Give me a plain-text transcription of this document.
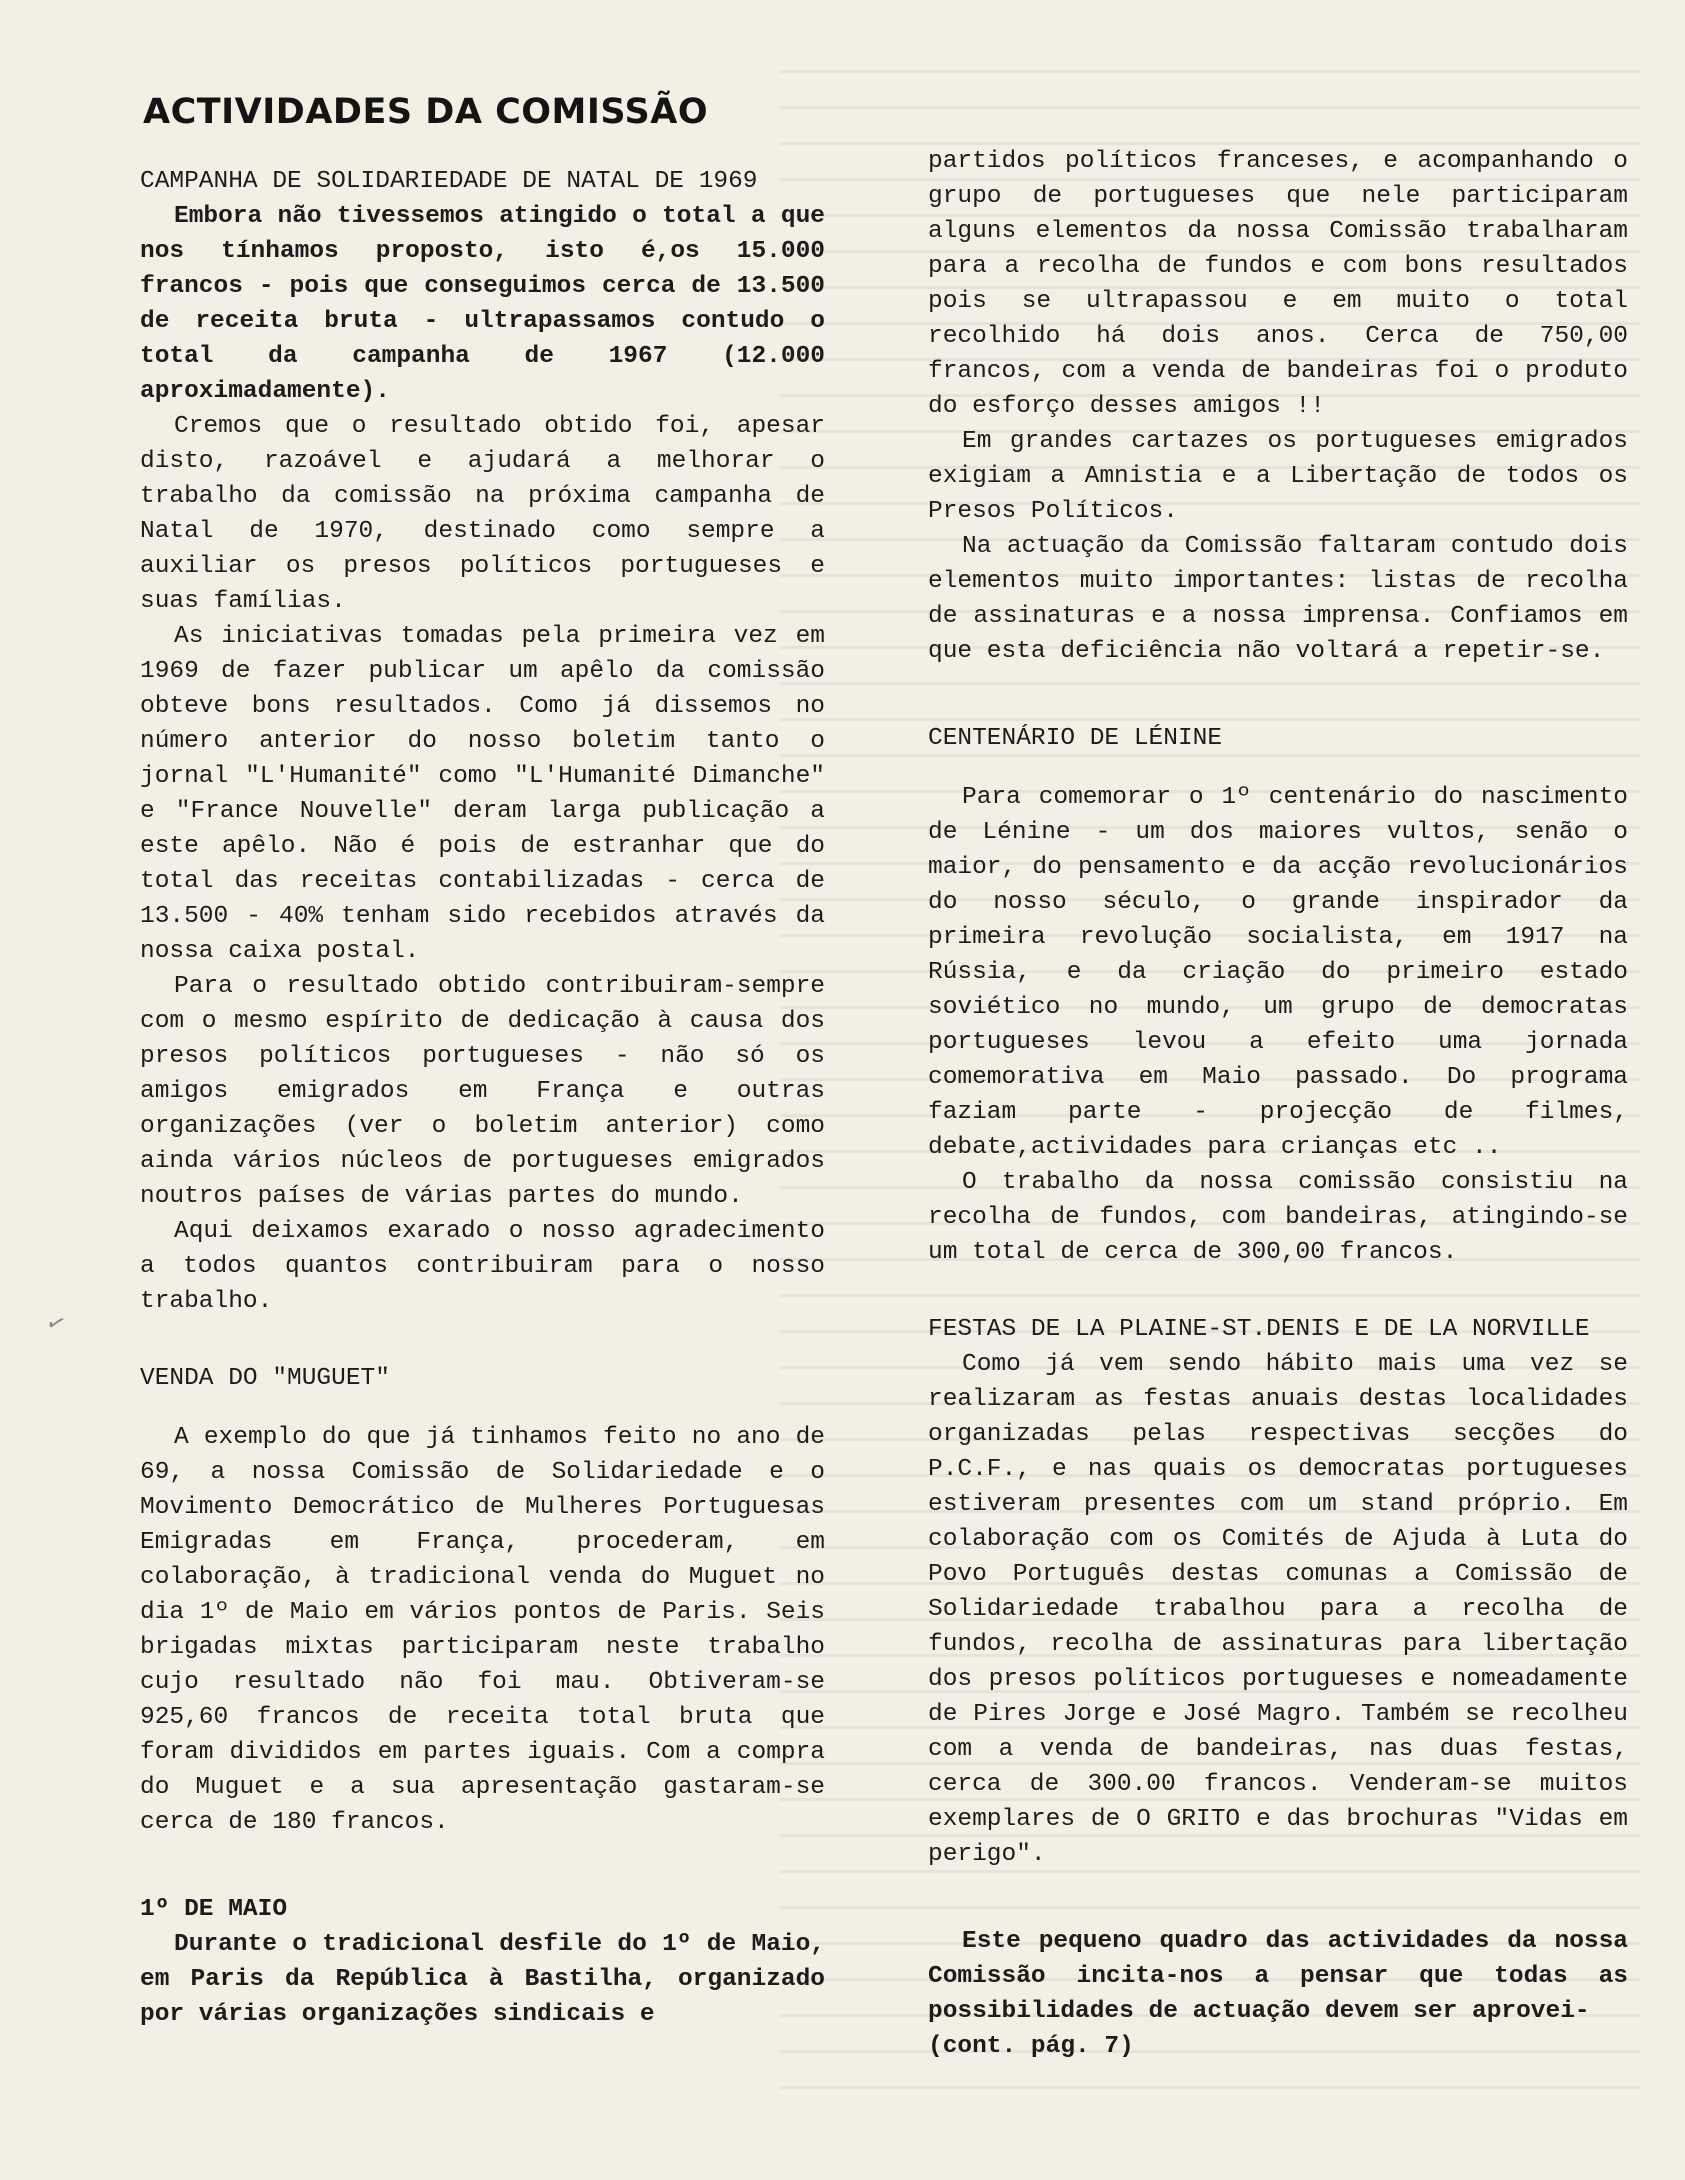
ACTIVIDADES DA COMISSÃO

CAMPANHA DE SOLIDARIEDADE DE NATAL DE 1969

Embora não tivessemos atingido o total a que nos tínhamos proposto, isto é,os 15.000 francos - pois que conseguimos cerca de 13.500 de receita bruta - ultrapassamos contudo o total da campanha de 1967 (12.000 aproximadamente).

Cremos que o resultado obtido foi, apesar disto, razoável e ajudará a melhorar o trabalho da comissão na próxima campanha de Natal de 1970, destinado como sempre a auxiliar os presos políticos portugueses e suas famílias.

As iniciativas tomadas pela primeira vez em 1969 de fazer publicar um apêlo da comissão obteve bons resultados. Como já dissemos no número anterior do nosso boletim tanto o jornal "L'Humanité" como "L'Humanité Dimanche" e "France Nouvelle" deram larga publicação a este apêlo. Não é pois de estranhar que do total das receitas contabilizadas - cerca de 13.500 - 40% tenham sido recebidos através da nossa caixa postal.

Para o resultado obtido contribuiram-sempre com o mesmo espírito de dedicação à causa dos presos políticos portugueses - não só os amigos emigrados em França e outras organizações (ver o boletim anterior) como ainda vários núcleos de portugueses emigrados noutros países de várias partes do mundo.

Aqui deixamos exarado o nosso agradecimento a todos quantos contribuiram para o nosso trabalho.

VENDA DO "MUGUET"

A exemplo do que já tinhamos feito no ano de 69, a nossa Comissão de Solidariedade e o Movimento Democrático de Mulheres Portuguesas Emigradas em França, procederam, em colaboração, à tradicional venda do Muguet no dia 1º de Maio em vários pontos de Paris. Seis brigadas mixtas participaram neste trabalho cujo resultado não foi mau. Obtiveram-se 925,60 francos de receita total bruta que foram divididos em partes iguais. Com a compra do Muguet e a sua apresentação gastaram-se cerca de 180 francos.

1º DE MAIO

Durante o tradicional desfile do 1º de Maio, em Paris da República à Bastilha, organizado por várias organizações sindicais e

partidos políticos franceses, e acompanhando o grupo de portugueses que nele participaram alguns elementos da nossa Comissão trabalharam para a recolha de fundos e com bons resultados pois se ultrapassou e em muito o total recolhido há dois anos. Cerca de 750,00 francos, com a venda de bandeiras foi o produto do esforço desses amigos !!

Em grandes cartazes os portugueses emigrados exigiam a Amnistia e a Libertação de todos os Presos Políticos.

Na actuação da Comissão faltaram contudo dois elementos muito importantes: listas de recolha de assinaturas e a nossa imprensa. Confiamos em que esta deficiência não voltará a repetir-se.

CENTENÁRIO DE LÉNINE

Para comemorar o 1º centenário do nascimento de Lénine - um dos maiores vultos, senão o maior, do pensamento e da acção revolucionários do nosso século, o grande inspirador da primeira revolução socialista, em 1917 na Rússia, e da criação do primeiro estado soviético no mundo, um grupo de democratas portugueses levou a efeito uma jornada comemorativa em Maio passado. Do programa faziam parte - projecção de filmes, debate,actividades para crianças etc ..

O trabalho da nossa comissão consistiu na recolha de fundos, com bandeiras, atingindo-se um total de cerca de 300,00 francos.

FESTAS DE LA PLAINE-ST.DENIS E DE LA NORVILLE

Como já vem sendo hábito mais uma vez se realizaram as festas anuais destas localidades organizadas pelas respectivas secções do P.C.F., e nas quais os democratas portugueses estiveram presentes com um stand próprio. Em colaboração com os Comités de Ajuda à Luta do Povo Português destas comunas a Comissão de Solidariedade trabalhou para a recolha de fundos, recolha de assinaturas para libertação dos presos políticos portugueses e nomeadamente de Pires Jorge e José Magro. Também se recolheu com a venda de bandeiras, nas duas festas, cerca de 300.00 francos. Venderam-se muitos exemplares de O GRITO e das brochuras "Vidas em perigo".

Este pequeno quadro das actividades da nossa Comissão incita-nos a pensar que todas as possibilidades de actuação devem ser aprovei-

(cont. pág. 7)

✓
